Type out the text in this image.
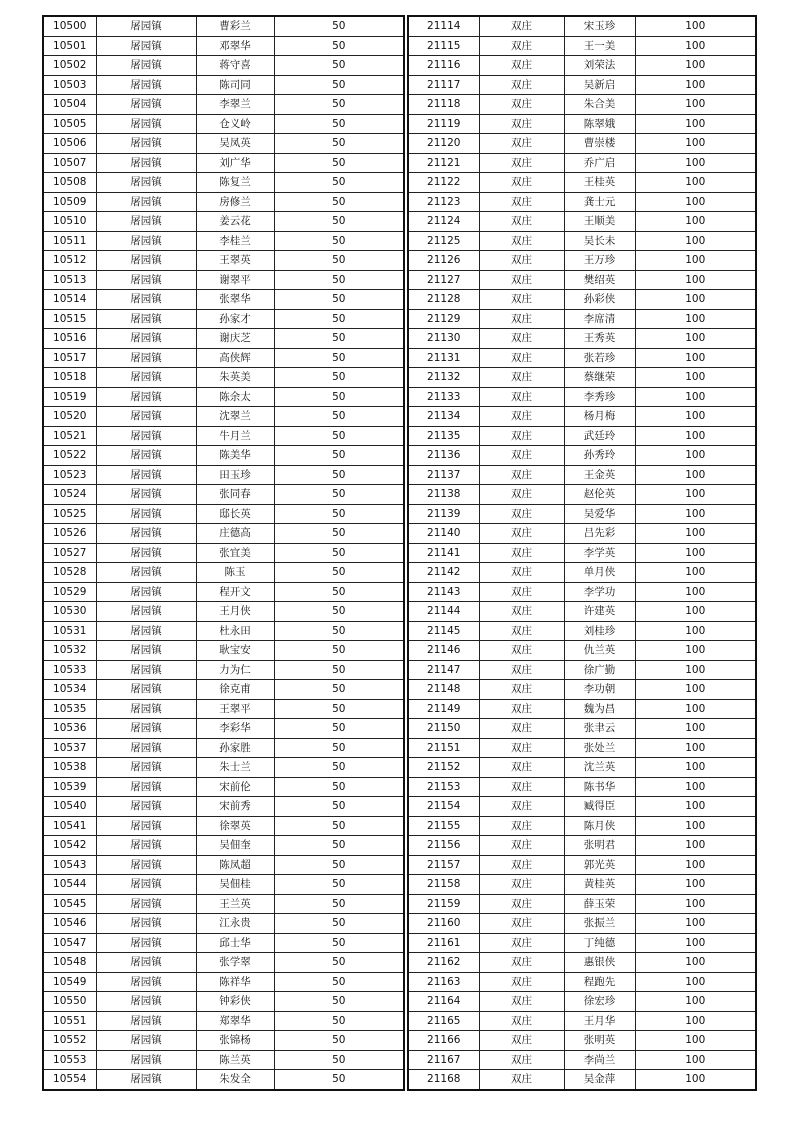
10500	屠园镇	曹彩兰	50
10501	屠园镇	邓翠华	50
10502	屠园镇	蒋守喜	50
10503	屠园镇	陈司同	50
10504	屠园镇	李翠兰	50
10505	屠园镇	仓义岭	50
10506	屠园镇	吴凤英	50
10507	屠园镇	刘广华	50
10508	屠园镇	陈复兰	50
10509	屠园镇	房修兰	50
10510	屠园镇	姜云花	50
10511	屠园镇	李桂兰	50
10512	屠园镇	王翠英	50
10513	屠园镇	谢翠平	50
10514	屠园镇	张翠华	50
10515	屠园镇	孙家才	50
10516	屠园镇	谢庆芝	50
10517	屠园镇	高侠辉	50
10518	屠园镇	朱英美	50
10519	屠园镇	陈余太	50
10520	屠园镇	沈翠兰	50
10521	屠园镇	牛月兰	50
10522	屠园镇	陈美华	50
10523	屠园镇	田玉珍	50
10524	屠园镇	张同春	50
10525	屠园镇	邸长英	50
10526	屠园镇	庄德高	50
10527	屠园镇	张宜美	50
10528	屠园镇	陈玉	50
10529	屠园镇	程开文	50
10530	屠园镇	王月侠	50
10531	屠园镇	杜永田	50
10532	屠园镇	耿宝安	50
10533	屠园镇	力为仁	50
10534	屠园镇	徐克甫	50
10535	屠园镇	王翠平	50
10536	屠园镇	李彩华	50
10537	屠园镇	孙家胜	50
10538	屠园镇	朱士兰	50
10539	屠园镇	宋前伦	50
10540	屠园镇	宋前秀	50
10541	屠园镇	徐翠英	50
10542	屠园镇	吴佃奎	50
10543	屠园镇	陈凤超	50
10544	屠园镇	吴佃桂	50
10545	屠园镇	王兰英	50
10546	屠园镇	江永贵	50
10547	屠园镇	邱士华	50
10548	屠园镇	张学翠	50
10549	屠园镇	陈祥华	50
10550	屠园镇	钟彩侠	50
10551	屠园镇	郑翠华	50
10552	屠园镇	张锦杨	50
10553	屠园镇	陈兰英	50
10554	屠园镇	朱发全	50
21114	双庄	宋玉珍	100
21115	双庄	王一美	100
21116	双庄	刘荣法	100
21117	双庄	吴新启	100
21118	双庄	朱合美	100
21119	双庄	陈翠娥	100
21120	双庄	曹崇楼	100
21121	双庄	乔广启	100
21122	双庄	王桂英	100
21123	双庄	龚士元	100
21124	双庄	王顺美	100
21125	双庄	吴长未	100
21126	双庄	王万珍	100
21127	双庄	樊绍英	100
21128	双庄	孙彩侠	100
21129	双庄	李席清	100
21130	双庄	王秀英	100
21131	双庄	张若珍	100
21132	双庄	蔡继荣	100
21133	双庄	李秀珍	100
21134	双庄	杨月梅	100
21135	双庄	武廷玲	100
21136	双庄	孙秀玲	100
21137	双庄	王金英	100
21138	双庄	赵伦英	100
21139	双庄	吴爱华	100
21140	双庄	吕先彩	100
21141	双庄	李学英	100
21142	双庄	单月侠	100
21143	双庄	李学功	100
21144	双庄	许建英	100
21145	双庄	刘桂珍	100
21146	双庄	仇兰英	100
21147	双庄	徐广勤	100
21148	双庄	李功朝	100
21149	双庄	魏为昌	100
21150	双庄	张聿云	100
21151	双庄	张处兰	100
21152	双庄	沈兰英	100
21153	双庄	陈书华	100
21154	双庄	臧得臣	100
21155	双庄	陈月侠	100
21156	双庄	张明君	100
21157	双庄	郭光英	100
21158	双庄	黄桂英	100
21159	双庄	薛玉荣	100
21160	双庄	张振兰	100
21161	双庄	丁纯德	100
21162	双庄	惠银侠	100
21163	双庄	程跑先	100
21164	双庄	徐宏珍	100
21165	双庄	王月华	100
21166	双庄	张明英	100
21167	双庄	李尚兰	100
21168	双庄	吴金萍	100
